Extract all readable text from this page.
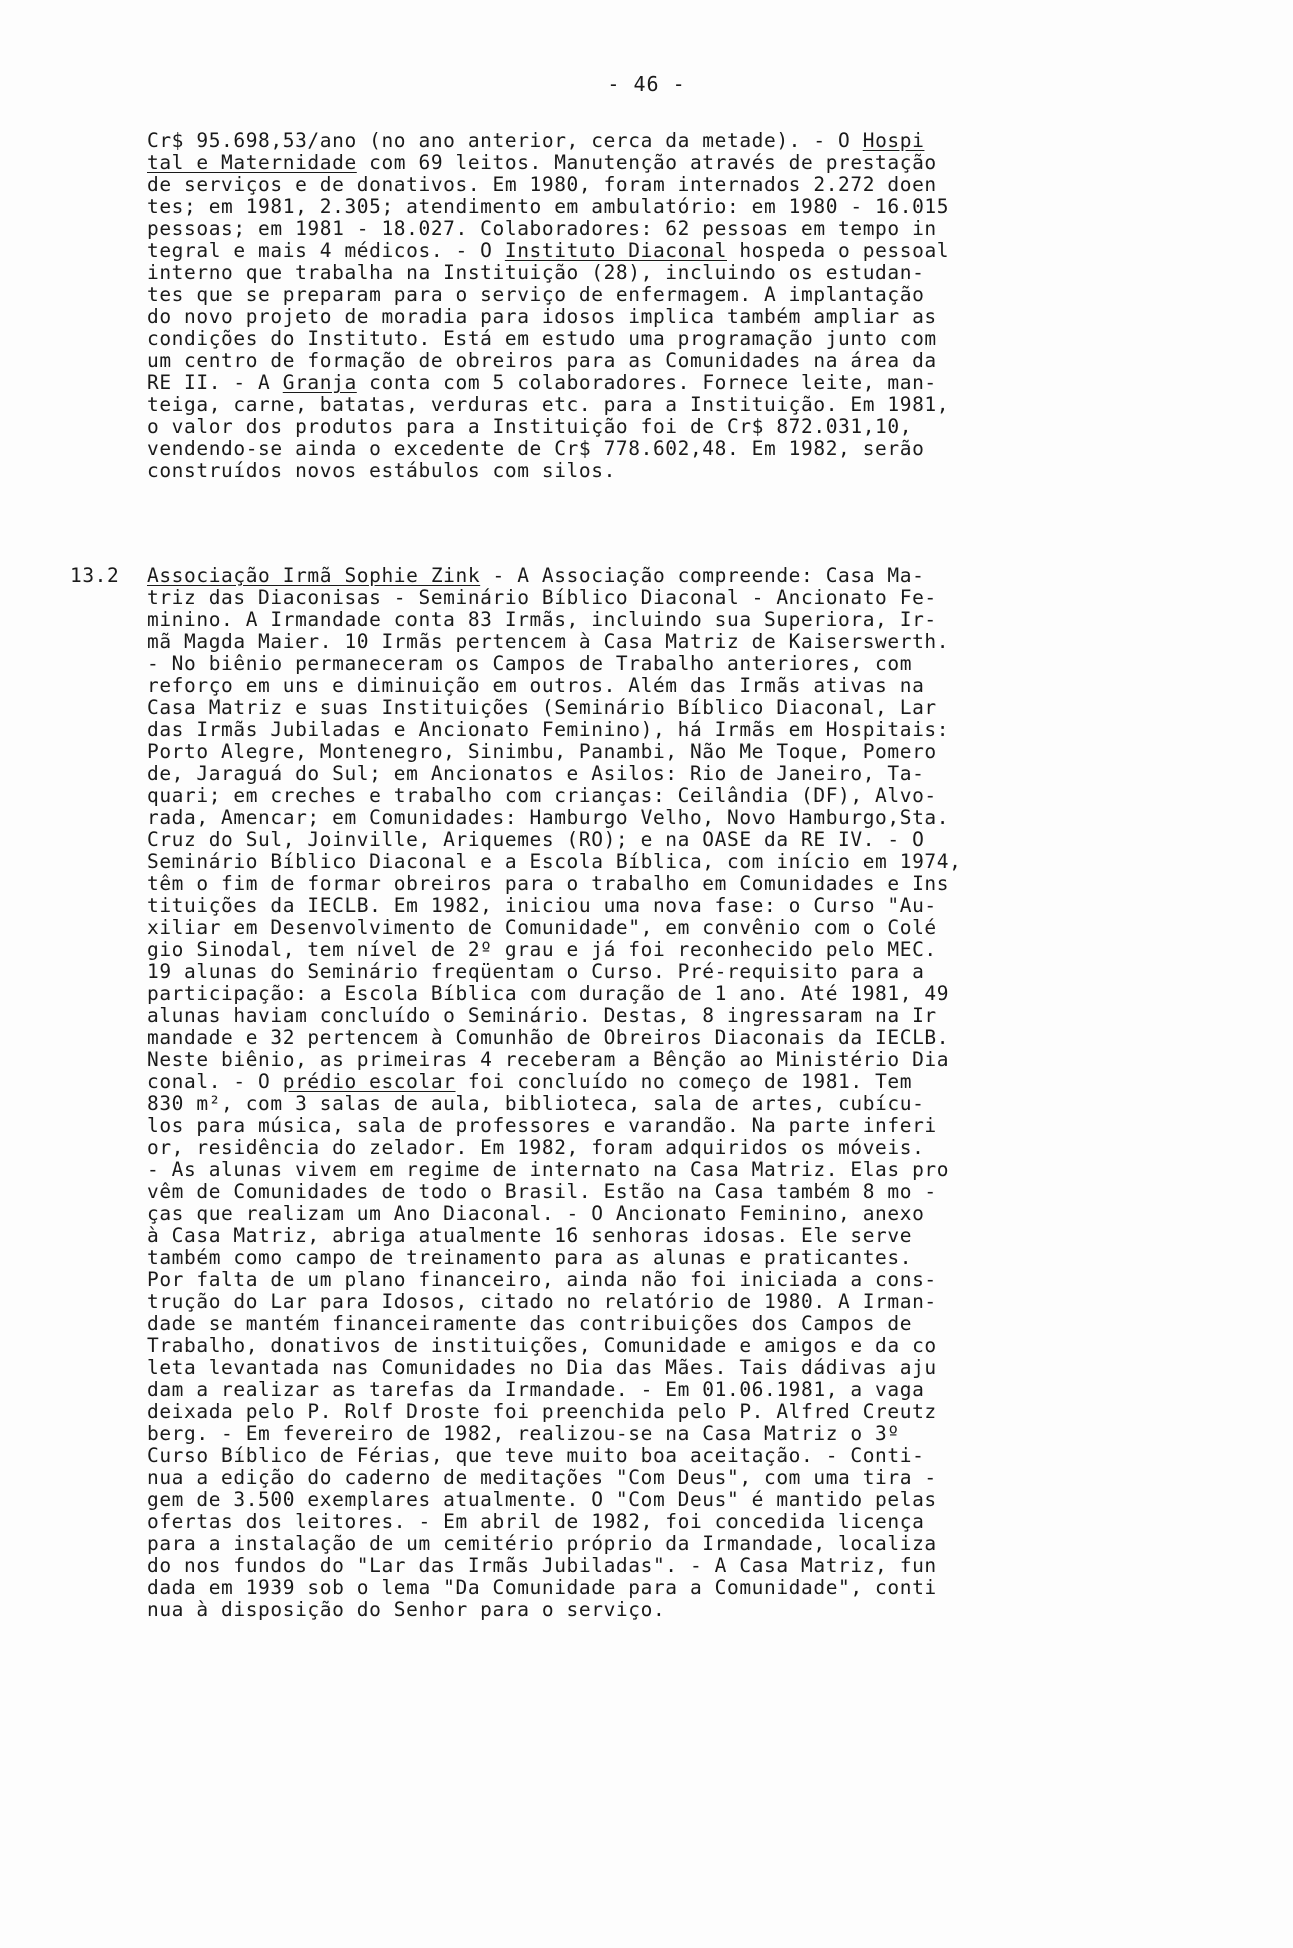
- 46 -
Cr$ 95.698,53/ano (no ano anterior, cerca da metade). - O Hospi
tal e Maternidade com 69 leitos. Manutenção através de prestação
de serviços e de donativos. Em 1980, foram internados 2.272 doen
tes; em 1981, 2.305; atendimento em ambulatório: em 1980 - 16.015
pessoas; em 1981 - 18.027. Colaboradores: 62 pessoas em tempo in
tegral e mais 4 médicos. - O Instituto Diaconal hospeda o pessoal
interno que trabalha na Instituição (28), incluindo os estudan-
tes que se preparam para o serviço de enfermagem. A implantação
do novo projeto de moradia para idosos implica também ampliar as
condições do Instituto. Está em estudo uma programação junto com
um centro de formação de obreiros para as Comunidades na área da
RE II. - A Granja conta com 5 colaboradores. Fornece leite, man-
teiga, carne, batatas, verduras etc. para a Instituição. Em 1981,
o valor dos produtos para a Instituição foi de Cr$ 872.031,10,
vendendo-se ainda o excedente de Cr$ 778.602,48. Em 1982, serão
construídos novos estábulos com silos.
13.2 Associação Irmã Sophie Zink - A Associação compreende: Casa Ma-
triz das Diaconisas - Seminário Bíblico Diaconal - Ancionato Fe-
minino. A Irmandade conta 83 Irmãs, incluindo sua Superiora, Ir-
mã Magda Maier. 10 Irmãs pertencem à Casa Matriz de Kaiserswerth.
- No biênio permaneceram os Campos de Trabalho anteriores, com
reforço em uns e diminuição em outros. Além das Irmãs ativas na
Casa Matriz e suas Instituições (Seminário Bíblico Diaconal, Lar
das Irmãs Jubiladas e Ancionato Feminino), há Irmãs em Hospitais:
Porto Alegre, Montenegro, Sinimbu, Panambi, Não Me Toque, Pomero
de, Jaraguá do Sul; em Ancionatos e Asilos: Rio de Janeiro, Ta-
quari; em creches e trabalho com crianças: Ceilândia (DF), Alvo-
rada, Amencar; em Comunidades: Hamburgo Velho, Novo Hamburgo,Sta.
Cruz do Sul, Joinville, Ariquemes (RO); e na OASE da RE IV. - O
Seminário Bíblico Diaconal e a Escola Bíblica, com início em 1974,
têm o fim de formar obreiros para o trabalho em Comunidades e Ins
tituições da IECLB. Em 1982, iniciou uma nova fase: o Curso "Au-
xiliar em Desenvolvimento de Comunidade", em convênio com o Colé
gio Sinodal, tem nível de 2º grau e já foi reconhecido pelo MEC.
19 alunas do Seminário freqüentam o Curso. Pré-requisito para a
participação: a Escola Bíblica com duração de 1 ano. Até 1981, 49
alunas haviam concluído o Seminário. Destas, 8 ingressaram na Ir
mandade e 32 pertencem à Comunhão de Obreiros Diaconais da IECLB.
Neste biênio, as primeiras 4 receberam a Bênção ao Ministério Dia
conal. - O prédio escolar foi concluído no começo de 1981. Tem
830 m², com 3 salas de aula, biblioteca, sala de artes, cubícu-
los para música, sala de professores e varandão. Na parte inferi
or, residência do zelador. Em 1982, foram adquiridos os móveis.
- As alunas vivem em regime de internato na Casa Matriz. Elas pro
vêm de Comunidades de todo o Brasil. Estão na Casa também 8 mo -
ças que realizam um Ano Diaconal. - O Ancionato Feminino, anexo
à Casa Matriz, abriga atualmente 16 senhoras idosas. Ele serve
também como campo de treinamento para as alunas e praticantes.
Por falta de um plano financeiro, ainda não foi iniciada a cons-
trução do Lar para Idosos, citado no relatório de 1980. A Irman-
dade se mantém financeiramente das contribuições dos Campos de
Trabalho, donativos de instituições, Comunidade e amigos e da co
leta levantada nas Comunidades no Dia das Mães. Tais dádivas aju
dam a realizar as tarefas da Irmandade. - Em 01.06.1981, a vaga
deixada pelo P. Rolf Droste foi preenchida pelo P. Alfred Creutz
berg. - Em fevereiro de 1982, realizou-se na Casa Matriz o 3º
Curso Bíblico de Férias, que teve muito boa aceitação. - Conti-
nua a edição do caderno de meditações "Com Deus", com uma tira -
gem de 3.500 exemplares atualmente. O "Com Deus" é mantido pelas
ofertas dos leitores. - Em abril de 1982, foi concedida licença
para a instalação de um cemitério próprio da Irmandade, localiza
do nos fundos do "Lar das Irmãs Jubiladas". - A Casa Matriz, fun
dada em 1939 sob o lema "Da Comunidade para a Comunidade", conti
nua à disposição do Senhor para o serviço.
